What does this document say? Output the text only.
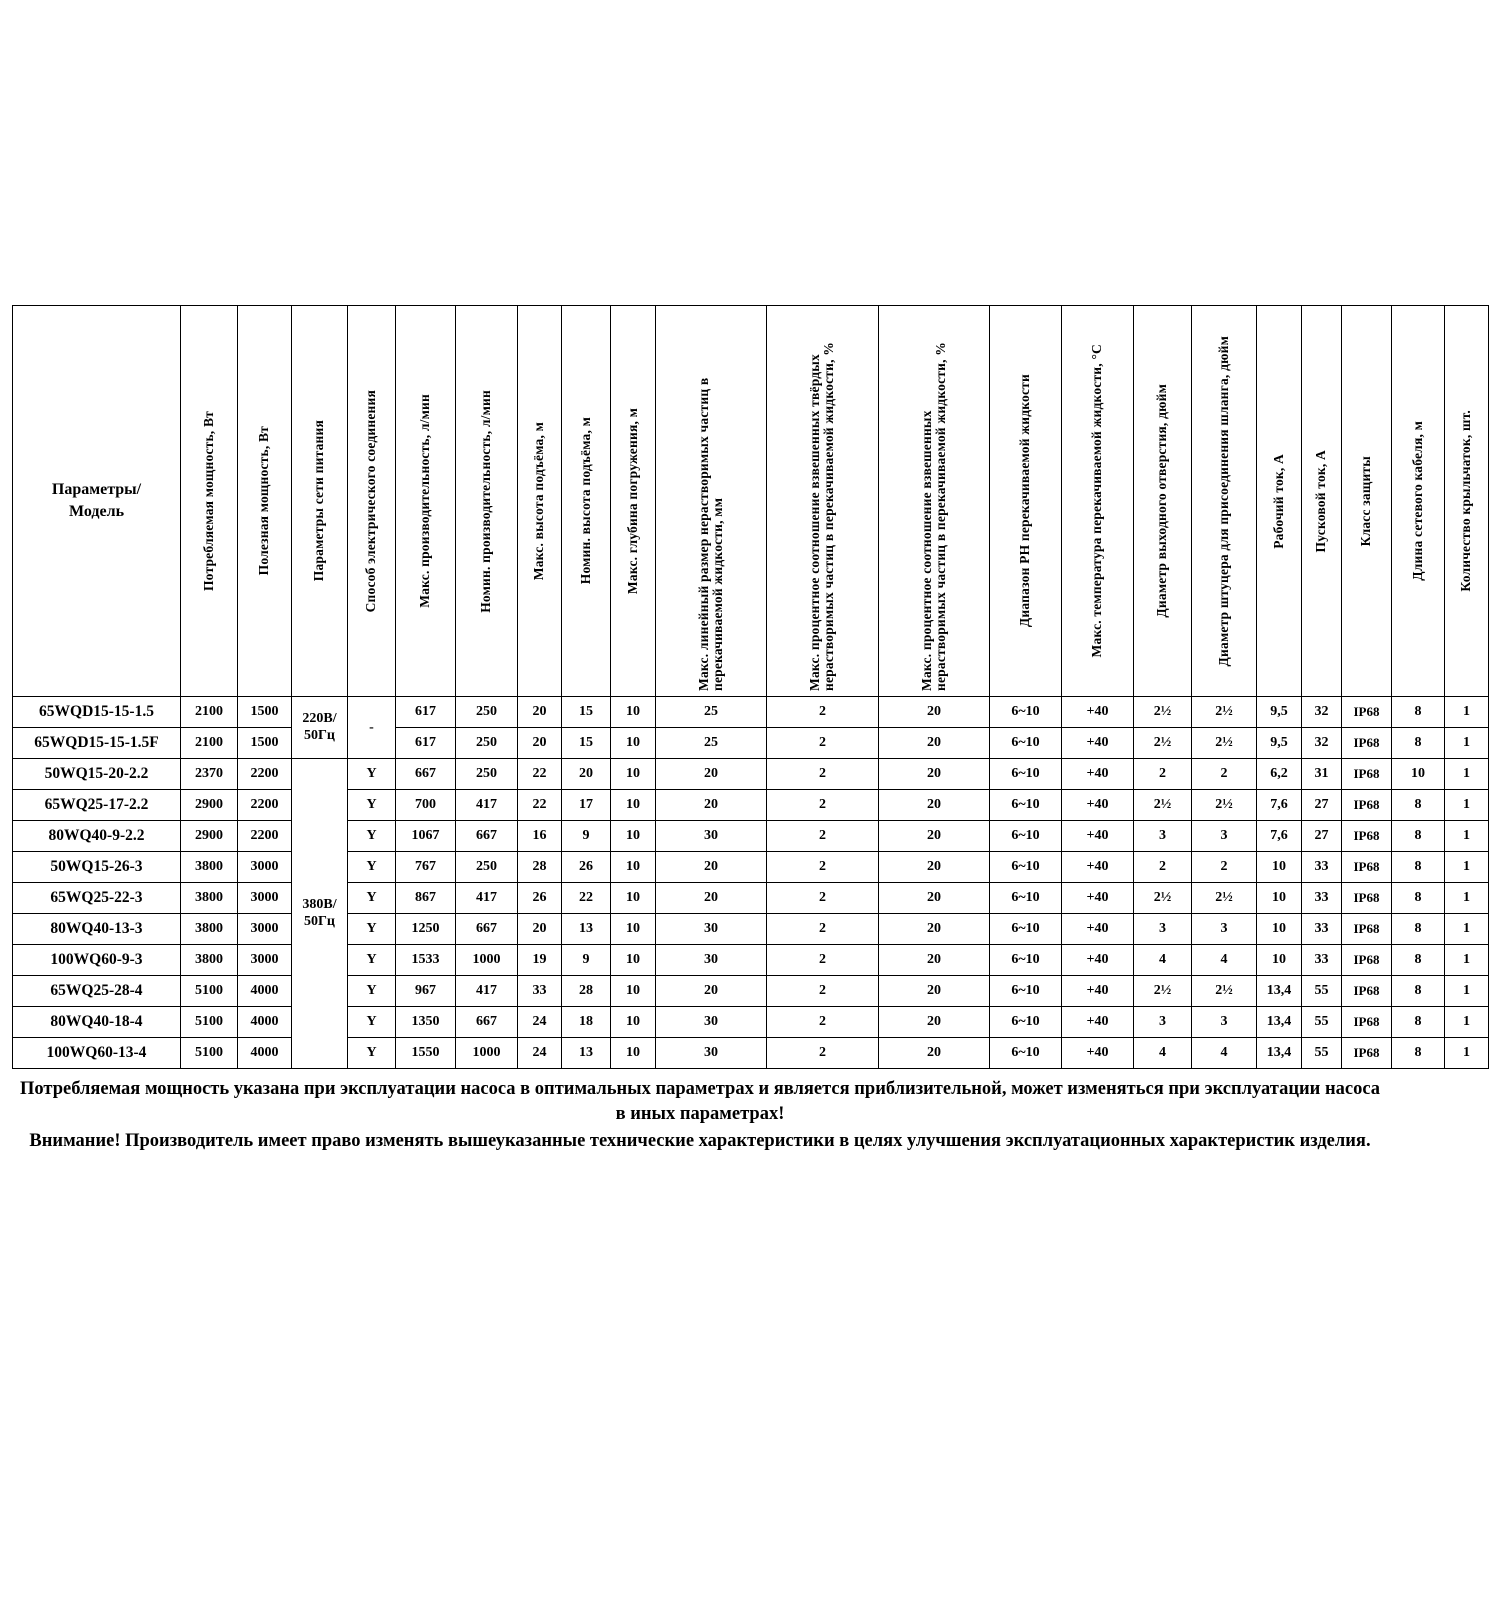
Параметры/
Модель	Потребляемая мощность, Вт	Полезная мощность, Вт	Параметры сети питания	Способ электрического соединения	Макс. производительность, л/мин	Номин. производительность, л/мин	Макс. высота подъёма, м	Номин. высота подъёма, м	Макс. глубина погружения, м	Макс. линейный размер нерастворимых частиц в перекачиваемой жидкости, мм	Макс. процентное соотношение взвешенных твёрдых нерастворимых частиц в перекачиваемой жидкости, %	Макс. процентное соотношение взвешенных нерастворимых частиц в перекачиваемой жидкости, %	Диапазон PH перекачиваемой жидкости	Макс. температура перекачиваемой жидкости, °С	Диаметр выходного отверстия, дюйм	Диаметр штуцера для присоединения шланга, дюйм	Рабочий ток, А	Пусковой ток, А	Класс защиты	Длина сетевого кабеля, м	Количество крыльчаток, шт.

65WQD15-15-1.5	2100	1500	220В/ 50Гц	-	617	250	20	15	10	25	2	20	6~10	+40	2½	2½	9,5	32	IP68	8	1
65WQD15-15-1.5F	2100	1500			617	250	20	15	10	25	2	20	6~10	+40	2½	2½	9,5	32	IP68	8	1
50WQ15-20-2.2	2370	2200	380В/ 50Гц	Y	667	250	22	20	10	20	2	20	6~10	+40	2	2	6,2	31	IP68	10	1
65WQ25-17-2.2	2900	2200		Y	700	417	22	17	10	20	2	20	6~10	+40	2½	2½	7,6	27	IP68	8	1
80WQ40-9-2.2	2900	2200		Y	1067	667	16	9	10	30	2	20	6~10	+40	3	3	7,6	27	IP68	8	1
50WQ15-26-3	3800	3000		Y	767	250	28	26	10	20	2	20	6~10	+40	2	2	10	33	IP68	8	1
65WQ25-22-3	3800	3000		Y	867	417	26	22	10	20	2	20	6~10	+40	2½	2½	10	33	IP68	8	1
80WQ40-13-3	3800	3000		Y	1250	667	20	13	10	30	2	20	6~10	+40	3	3	10	33	IP68	8	1
100WQ60-9-3	3800	3000		Y	1533	1000	19	9	10	30	2	20	6~10	+40	4	4	10	33	IP68	8	1
65WQ25-28-4	5100	4000		Y	967	417	33	28	10	20	2	20	6~10	+40	2½	2½	13,4	55	IP68	8	1
80WQ40-18-4	5100	4000		Y	1350	667	24	18	10	30	2	20	6~10	+40	3	3	13,4	55	IP68	8	1
100WQ60-13-4	5100	4000		Y	1550	1000	24	13	10	30	2	20	6~10	+40	4	4	13,4	55	IP68	8	1

Потребляемая мощность указана при эксплуатации насоса в оптимальных параметрах и является приблизительной, может изменяться при эксплуатации насоса в иных параметрах!

Внимание! Производитель имеет право изменять вышеуказанные технические характеристики в целях улучшения эксплуатационных характеристик изделия.
